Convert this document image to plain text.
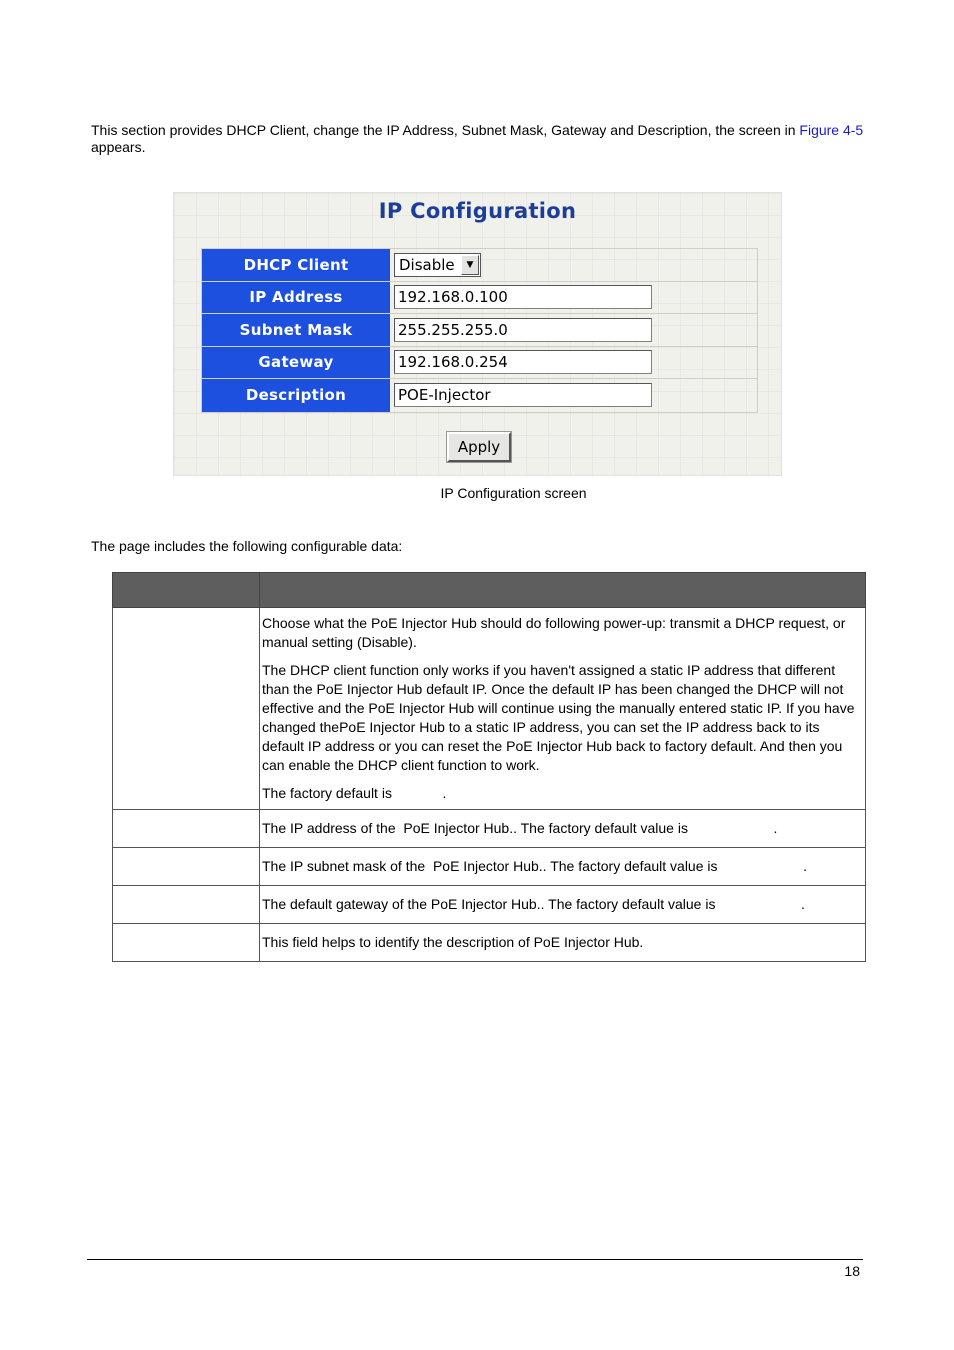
This section provides DHCP Client, change the IP Address, Subnet Mask, Gateway and Description, the screen in Figure 4-5 appears.

IP Configuration
DHCP Client	Disable	▼
IP Address	192.168.0.100
Subnet Mask	255.255.255.0
Gateway	192.168.0.254
Description	POE-Injector
Apply
IP Configuration screen
The page includes the following configurable data:

	Choose what the PoE Injector Hub should do following power-up: transmit a DHCP request, or manual setting (Disable).

The DHCP client function only works if you haven't assigned a static IP address that different than the PoE Injector Hub default IP. Once the default IP has been changed the DHCP will not effective and the PoE Injector Hub will continue using the manually entered static IP. If you have changed thePoE Injector Hub to a static IP address, you can set the IP address back to its default IP address or you can reset the PoE Injector Hub back to factory default. And then you can enable the DHCP client function to work.

The factory default is             .

	The IP address of the  PoE Injector Hub.. The factory default value is                      .

	The IP subnet mask of the  PoE Injector Hub.. The factory default value is                      .

	The default gateway of the PoE Injector Hub.. The factory default value is                      .

	This field helps to identify the description of PoE Injector Hub.

18
